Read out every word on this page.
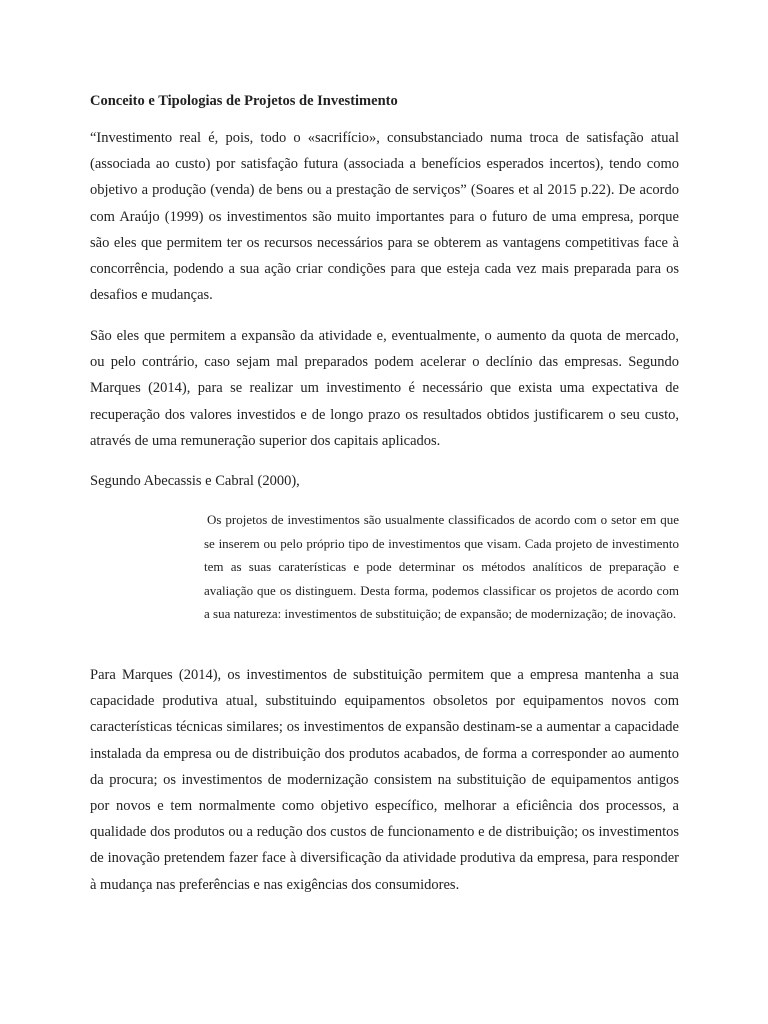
Conceito e Tipologias de Projetos de Investimento
“Investimento real é, pois, todo o «sacrifício», consubstanciado numa troca de satisfação atual (associada ao custo) por satisfação futura (associada a benefícios esperados incertos), tendo como objetivo a produção (venda) de bens ou a prestação de serviços” (Soares et al 2015 p.22). De acordo com Araújo (1999) os investimentos são muito importantes para o futuro de uma empresa, porque são eles que permitem ter os recursos necessários para se obterem as vantagens competitivas face à concorrência, podendo a sua ação criar condições para que esteja cada vez mais preparada para os desafios e mudanças.
São eles que permitem a expansão da atividade e, eventualmente, o aumento da quota de mercado, ou pelo contrário, caso sejam mal preparados podem acelerar o declínio das empresas. Segundo Marques (2014), para se realizar um investimento é necessário que exista uma expectativa de recuperação dos valores investidos e de longo prazo os resultados obtidos justificarem o seu custo, através de uma remuneração superior dos capitais aplicados.
Segundo Abecassis e Cabral (2000),
Os projetos de investimentos são usualmente classificados de acordo com o setor em que se inserem ou pelo próprio tipo de investimentos que visam. Cada projeto de investimento tem as suas caraterísticas e pode determinar os métodos analíticos de preparação e avaliação que os distinguem. Desta forma, podemos classificar os projetos de acordo com a sua natureza: investimentos de substituição; de expansão; de modernização; de inovação.
Para Marques (2014), os investimentos de substituição permitem que a empresa mantenha a sua capacidade produtiva atual, substituindo equipamentos obsoletos por equipamentos novos com características técnicas similares; os investimentos de expansão destinam-se a aumentar a capacidade instalada da empresa ou de distribuição dos produtos acabados, de forma a corresponder ao aumento da procura; os investimentos de modernização consistem na substituição de equipamentos antigos por novos e tem normalmente como objetivo específico, melhorar a eficiência dos processos, a qualidade dos produtos ou a redução dos custos de funcionamento e de distribuição; os investimentos de inovação pretendem fazer face à diversificação da atividade produtiva da empresa, para responder à mudança nas preferências e nas exigências dos consumidores.
